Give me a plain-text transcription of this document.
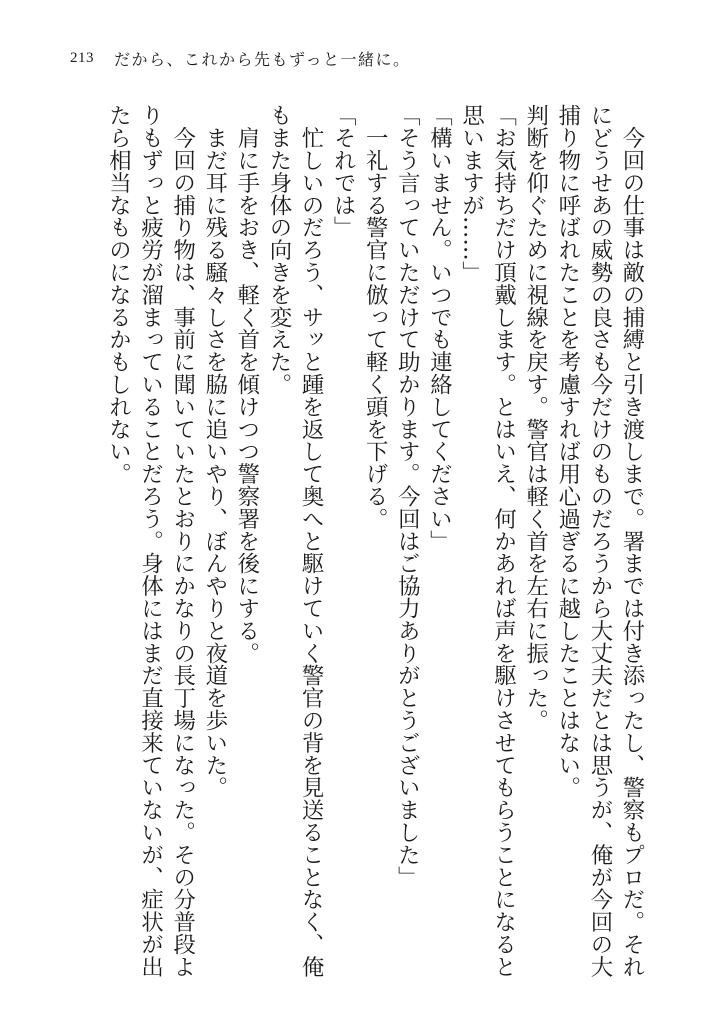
213 だから、これから先もずっと一緒に。

　今回の仕事は敵の捕縛と引き渡しまで。署までは付き添ったし、警察もプロだ。それにどうせあの威勢の良さも今だけのものだろうから大丈夫だとは思うが、俺が今回の大捕り物に呼ばれたことを考慮すれば用心過ぎるに越したことはない。

判断を仰ぐために視線を戻す。警官は軽く首を左右に振った。

「お気持ちだけ頂戴します。とはいえ、何かあれば声を駆けさせてもらうことになると思いますが……」

「構いません。いつでも連絡してください」

「そう言っていただけて助かります。今回はご協力ありがとうございました」

　一礼する警官に倣って軽く頭を下げる。

「それでは」

　忙しいのだろう、サッと踵を返して奥へと駆けていく警官の背を見送ることなく、俺もまた身体の向きを変えた。

　肩に手をおき、軽く首を傾けつつ警察署を後にする。

　まだ耳に残る騒々しさを脇に追いやり、ぼんやりと夜道を歩いた。

　今回の捕り物は、事前に聞いていたとおりにかなりの長丁場になった。その分普段よりもずっと疲労が溜まっていることだろう。身体にはまだ直接来ていないが、症状が出たら相当なものになるかもしれない。
